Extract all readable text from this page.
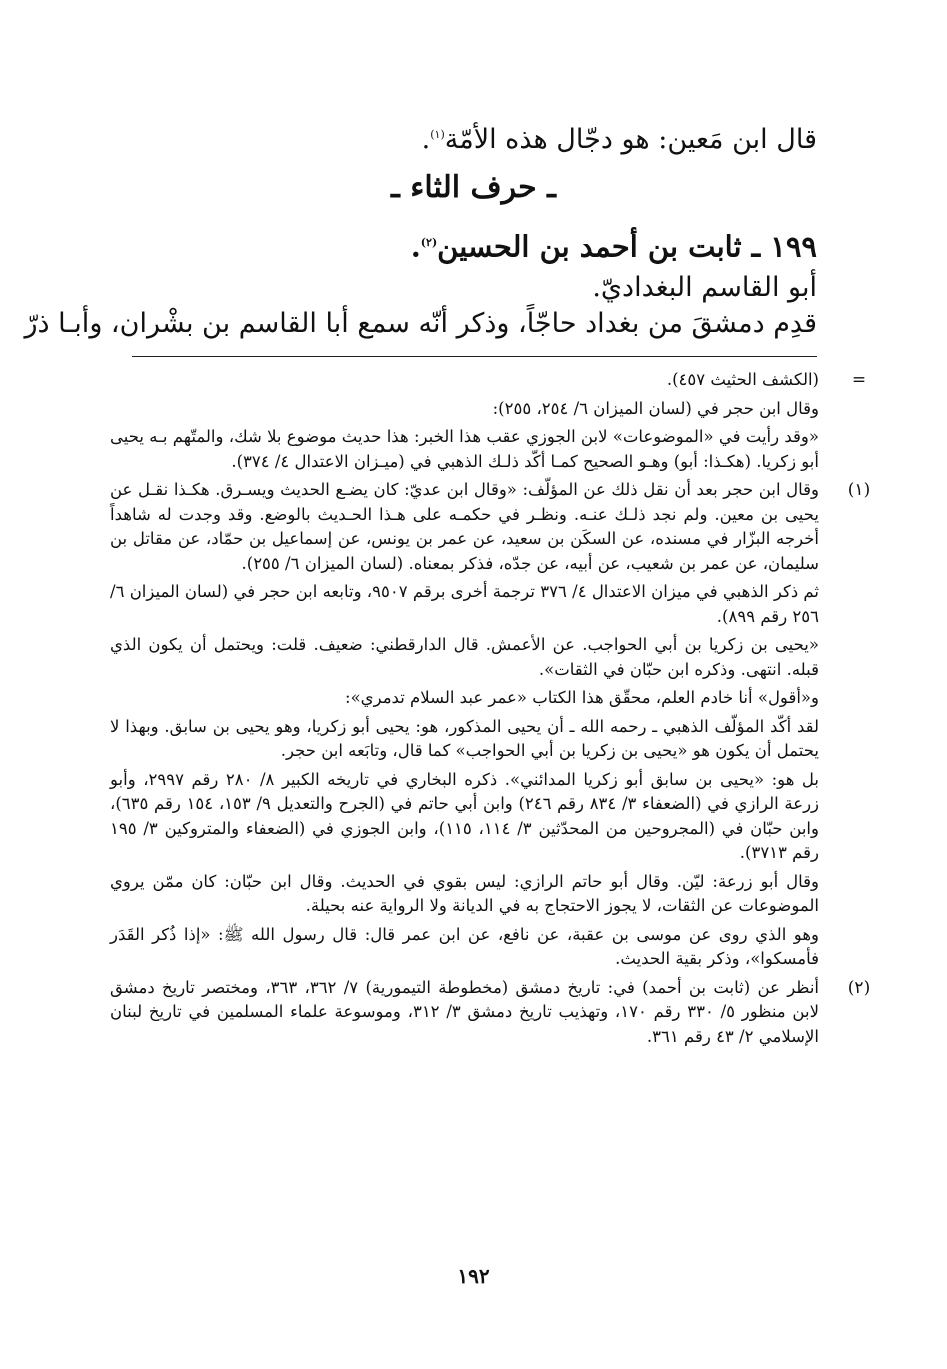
قال ابن مَعين: هو دجّال هذه الأمّة$^{(١)}$.
ـ حرف الثاء ـ
١٩٩ ـ ثابت بن أحمد بن الحسين$^{(٢)}$.
أبو القاسم البغداديّ.
قدِم دمشقَ من بغداد حاجّاً، وذكر أنّه سمع أبا القاسم بن بشْران، وأبـا ذرّ
=

(الكشف الحثيث ٤٥٧).

وقال ابن حجر في (لسان الميزان ٦/ ٢٥٤، ٢٥٥):

«وقد رأيت في «الموضوعات» لابن الجوزي عقب هذا الخبر: هذا حديث موضوع بلا شك، والمتّهم بـه يحيى أبو زكريا. (هكـذا: أبو) وهـو الصحيح كمـا أكّد ذلـك الذهبي في (ميـزان الاعتدال ٤/ ٣٧٤).

(١)

وقال ابن حجر بعد أن نقل ذلك عن المؤلّف: «وقال ابن عديّ: كان يضـع الحديث ويسـرق. هكـذا نقـل عن يحيى بن معين. ولم نجد ذلـك عنـه. ونظـر في حكمـه على هـذا الحـديث بالوضع. وقد وجدت له شاهداً أخرجه البزّار في مسنده، عن السكَن بن سعيد، عن عمر بن يونس، عن إسماعيل بن حمّاد، عن مقاتل بن سليمان، عن عمر بن شعيب، عن أبيه، عن جدّه، فذكر بمعناه. (لسان الميزان ٦/ ٢٥٥).

ثم ذكر الذهبي في ميزان الاعتدال ٤/ ٣٧٦ ترجمة أخرى برقم ٩٥٠٧، وتابعه ابن حجر في (لسان الميزان ٦/ ٢٥٦ رقم ٨٩٩).

«يحيى بن زكريا بن أبي الحواجب. عن الأعمش. قال الدارقطني: ضعيف. قلت: ويحتمل أن يكون الذي قبله. انتهى. وذكره ابن حبّان في الثقات».

و«أقول» أنا خادم العلم، محقّق هذا الكتاب «عمر عبد السلام تدمري»:

لقد أكّد المؤلّف الذهبي ـ رحمه الله ـ أن يحيى المذكور، هو: يحيى أبو زكريا، وهو يحيى بن سابق. وبهذا لا يحتمل أن يكون هو «يحيى بن زكريا بن أبي الحواجب» كما قال، وتابَعه ابن حجر.

بل هو: «يحيى بن سابق أبو زكريا المدائني». ذكره البخاري في تاريخه الكبير ٨/ ٢٨٠ رقم ٢٩٩٧، وأبو زرعة الرازي في (الضعفاء ٣/ ٨٣٤ رقم ٢٤٦) وابن أبي حاتم في (الجرح والتعديل ٩/ ١٥٣، ١٥٤ رقم ٦٣٥)، وابن حبّان في (المجروحين من المحدّثين ٣/ ١١٤، ١١٥)، وابن الجوزي في (الضعفاء والمتروكين ٣/ ١٩٥ رقم ٣٧١٣).

وقال أبو زرعة: ليّن. وقال أبو حاتم الرازي: ليس بقوي في الحديث. وقال ابن حبّان: كان ممّن يروي الموضوعات عن الثقات، لا يجوز الاحتجاج به في الديانة ولا الرواية عنه بحيلة.

وهو الذي روى عن موسى بن عقبة، عن نافع، عن ابن عمر قال: قال رسول الله ﷺ: «إذا ذُكر القَدَر فأمسكوا»، وذكر بقية الحديث.

(٢)

أنظر عن (ثابت بن أحمد) في: تاريخ دمشق (مخطوطة التيمورية) ٧/ ٣٦٢، ٣٦٣، ومختصر تاريخ دمشق لابن منظور ٥/ ٣٣٠ رقم ١٧٠، وتهذيب تاريخ دمشق ٣/ ٣١٢، وموسوعة علماء المسلمين في تاريخ لبنان الإسلامي ٢/ ٤٣ رقم ٣٦١.

١٩٢
